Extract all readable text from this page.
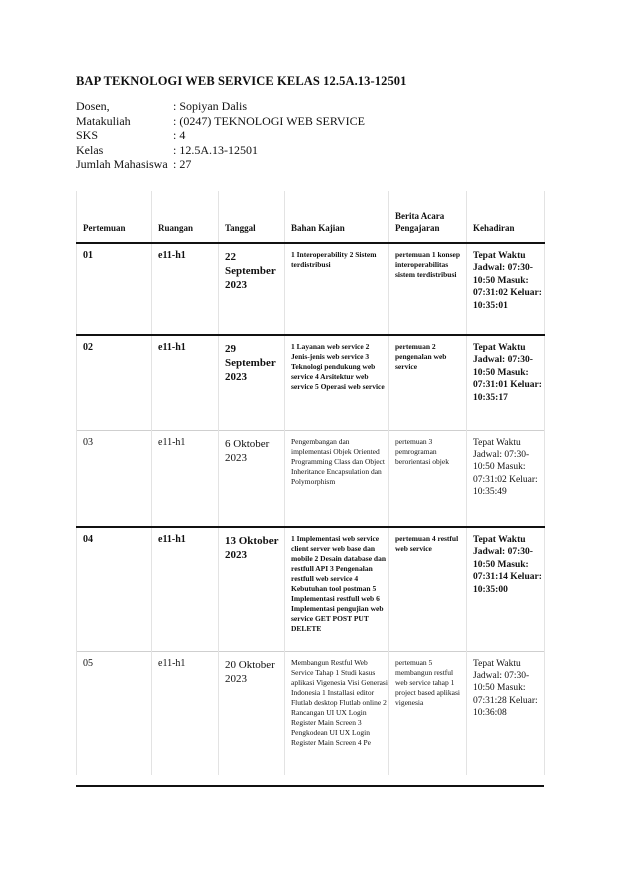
BAP TEKNOLOGI WEB SERVICE KELAS 12.5A.13-12501
Dosen,	: Sopiyan Dalis
Matakuliah	: (0247) TEKNOLOGI WEB SERVICE
SKS	: 4
Kelas	: 12.5A.13-12501
Jumlah Mahasiswa : 27
Pertemuan	Ruangan	Tanggal	Bahan Kajian	Berita Acara Pengajaran	Kehadiran
01	e11-h1	22 September 2023	1 Interoperability 2 Sistem terdistribusi	pertemuan 1 konsep interoperabilitas sistem terdistribusi	Tepat Waktu Jadwal: 07:30-10:50 Masuk: 07:31:02 Keluar: 10:35:01
02	e11-h1	29 September 2023	1 Layanan web service 2 Jenis-jenis web service 3 Teknologi pendukung web service 4 Arsitektur web service 5 Operasi web service	pertemuan 2 pengenalan web service	Tepat Waktu Jadwal: 07:30-10:50 Masuk: 07:31:01 Keluar: 10:35:17
03	e11-h1	6 Oktober 2023	Pengembangan dan implementasi Objek Oriented Programming Class dan Object Inheritance Encapsulation dan Polymorphism	pertemuan 3 pemrograman berorientasi objek	Tepat Waktu Jadwal: 07:30-10:50 Masuk: 07:31:02 Keluar: 10:35:49
04	e11-h1	13 Oktober 2023	1 Implementasi web service client server web base dan mobile 2 Desain database dan restfull API 3 Pengenalan restfull web service 4 Kebutuhan tool postman 5 Implementasi restfull web 6 Implementasi pengujian web service GET POST PUT DELETE	pertemuan 4 restful web service	Tepat Waktu Jadwal: 07:30-10:50 Masuk: 07:31:14 Keluar: 10:35:00
05	e11-h1	20 Oktober 2023	Membangun Restful Web Service Tahap 1 Studi kasus aplikasi Vigenesia Visi Generasi Indonesia 1 Installasi editor Flutlab desktop Flutlab online 2 Rancangan UI UX Login Register Main Screen 3 Pengkodean UI UX Login Register Main Screen 4 Pe	pertemuan 5 membangun restful web service tahap 1 project based aplikasi vigenesia	Tepat Waktu Jadwal: 07:30-10:50 Masuk: 07:31:28 Keluar: 10:36:08
